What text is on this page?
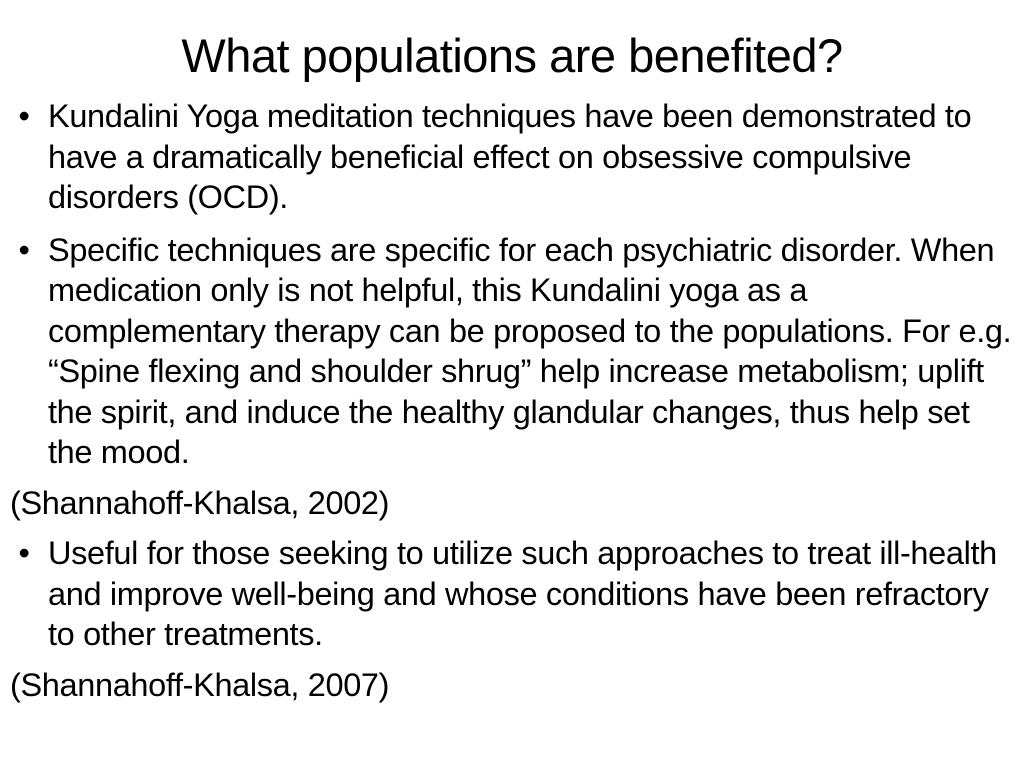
What populations are benefited?
• Kundalini Yoga meditation techniques have been demonstrated to have a dramatically beneficial effect on obsessive compulsive disorders (OCD).
• Specific techniques are specific for each psychiatric disorder. When medication only is not helpful, this Kundalini yoga as a complementary therapy can be proposed to the populations. For e.g. “Spine flexing and shoulder shrug” help increase metabolism; uplift the spirit, and induce the healthy glandular changes, thus help set the mood.

(Shannahoff-Khalsa, 2002)

• Useful for those seeking to utilize such approaches to treat ill-health and improve well-being and whose conditions have been refractory to other treatments.

(Shannahoff-Khalsa, 2007)
